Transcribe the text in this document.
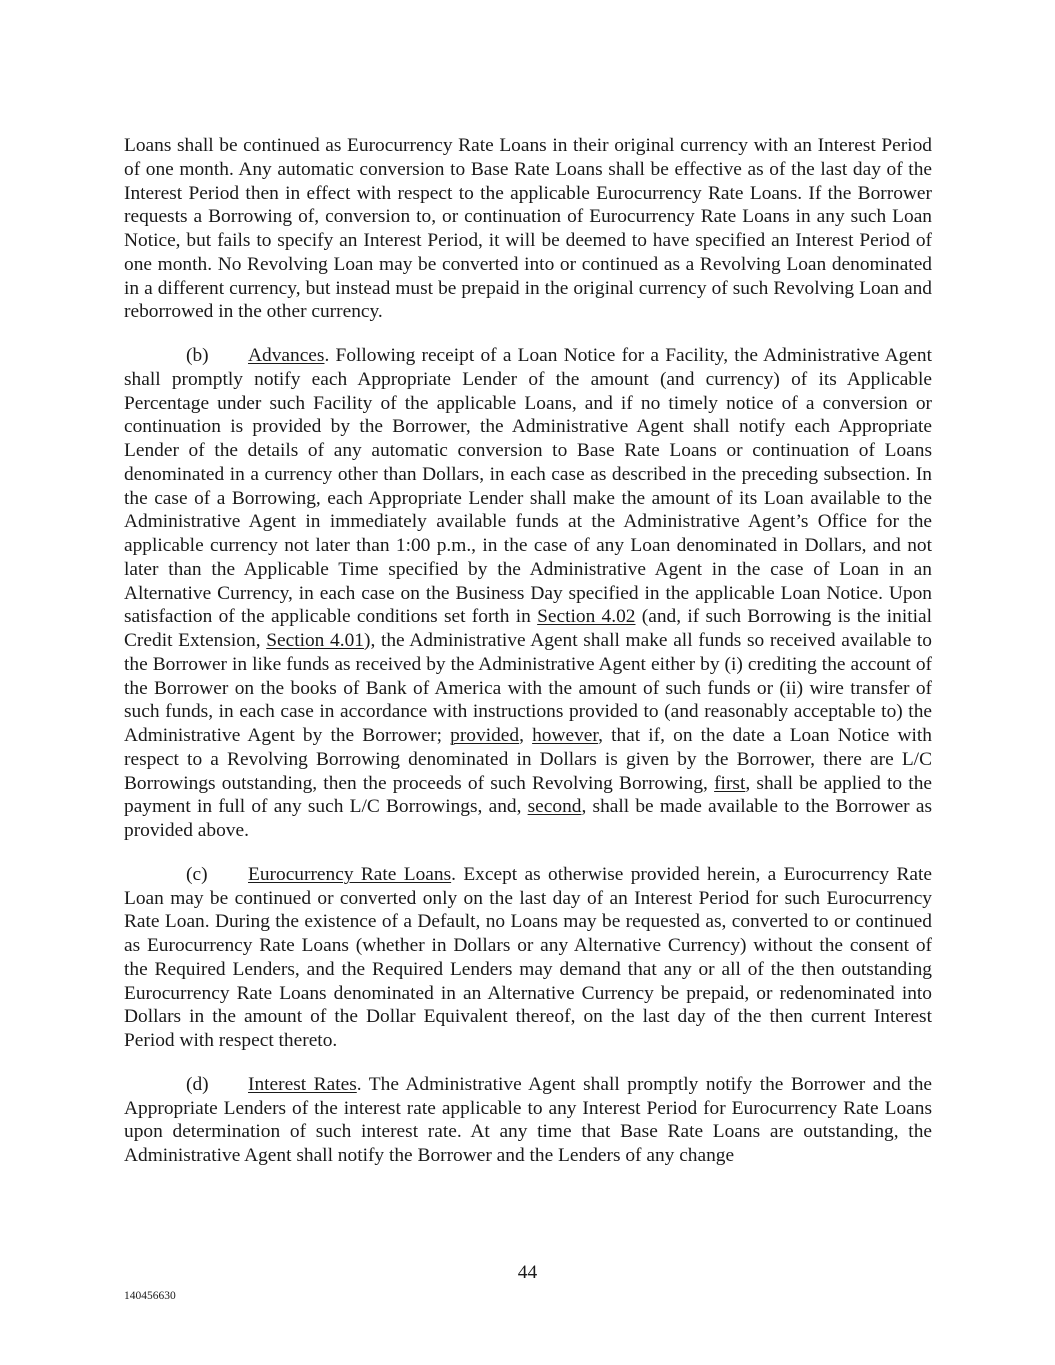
Loans shall be continued as Eurocurrency Rate Loans in their original currency with an Interest Period of one month. Any automatic conversion to Base Rate Loans shall be effective as of the last day of the Interest Period then in effect with respect to the applicable Eurocurrency Rate Loans. If the Borrower requests a Borrowing of, conversion to, or continuation of Eurocurrency Rate Loans in any such Loan Notice, but fails to specify an Interest Period, it will be deemed to have specified an Interest Period of one month. No Revolving Loan may be converted into or continued as a Revolving Loan denominated in a different currency, but instead must be prepaid in the original currency of such Revolving Loan and reborrowed in the other currency.

(b) Advances. Following receipt of a Loan Notice for a Facility, the Administrative Agent shall promptly notify each Appropriate Lender of the amount (and currency) of its Applicable Percentage under such Facility of the applicable Loans, and if no timely notice of a conversion or continuation is provided by the Borrower, the Administrative Agent shall notify each Appropriate Lender of the details of any automatic conversion to Base Rate Loans or continuation of Loans denominated in a currency other than Dollars, in each case as described in the preceding subsection. In the case of a Borrowing, each Appropriate Lender shall make the amount of its Loan available to the Administrative Agent in immediately available funds at the Administrative Agent’s Office for the applicable currency not later than 1:00 p.m., in the case of any Loan denominated in Dollars, and not later than the Applicable Time specified by the Administrative Agent in the case of Loan in an Alternative Currency, in each case on the Business Day specified in the applicable Loan Notice. Upon satisfaction of the applicable conditions set forth in Section 4.02 (and, if such Borrowing is the initial Credit Extension, Section 4.01), the Administrative Agent shall make all funds so received available to the Borrower in like funds as received by the Administrative Agent either by (i) crediting the account of the Borrower on the books of Bank of America with the amount of such funds or (ii) wire transfer of such funds, in each case in accordance with instructions provided to (and reasonably acceptable to) the Administrative Agent by the Borrower; provided, however, that if, on the date a Loan Notice with respect to a Revolving Borrowing denominated in Dollars is given by the Borrower, there are L/C Borrowings outstanding, then the proceeds of such Revolving Borrowing, first, shall be applied to the payment in full of any such L/C Borrowings, and, second, shall be made available to the Borrower as provided above.

(c) Eurocurrency Rate Loans. Except as otherwise provided herein, a Eurocurrency Rate Loan may be continued or converted only on the last day of an Interest Period for such Eurocurrency Rate Loan. During the existence of a Default, no Loans may be requested as, converted to or continued as Eurocurrency Rate Loans (whether in Dollars or any Alternative Currency) without the consent of the Required Lenders, and the Required Lenders may demand that any or all of the then outstanding Eurocurrency Rate Loans denominated in an Alternative Currency be prepaid, or redenominated into Dollars in the amount of the Dollar Equivalent thereof, on the last day of the then current Interest Period with respect thereto.

(d) Interest Rates. The Administrative Agent shall promptly notify the Borrower and the Appropriate Lenders of the interest rate applicable to any Interest Period for Eurocurrency Rate Loans upon determination of such interest rate. At any time that Base Rate Loans are outstanding, the Administrative Agent shall notify the Borrower and the Lenders of any change

44
140456630
